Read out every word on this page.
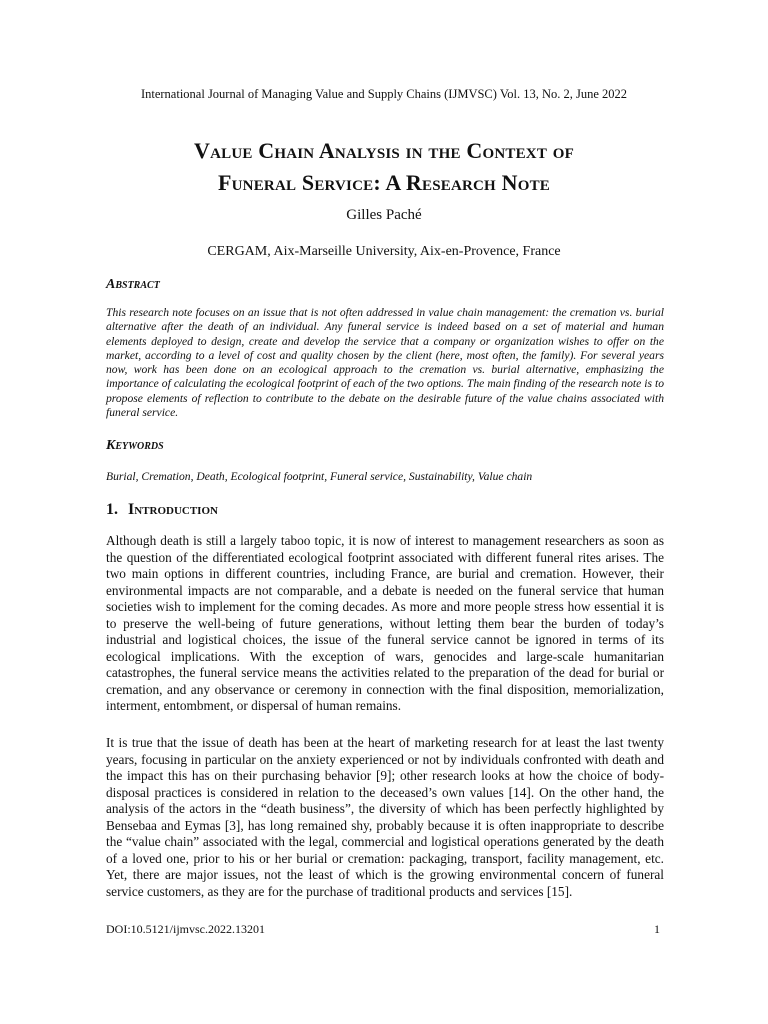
International Journal of Managing Value and Supply Chains (IJMVSC) Vol. 13, No. 2, June 2022
Value Chain Analysis in the Context of
Funeral Service: A Research Note
Gilles Paché
CERGAM, Aix-Marseille University, Aix-en-Provence, France
Abstract

This research note focuses on an issue that is not often addressed in value chain management: the cremation vs. burial alternative after the death of an individual. Any funeral service is indeed based on a set of material and human elements deployed to design, create and develop the service that a company or organization wishes to offer on the market, according to a level of cost and quality chosen by the client (here, most often, the family). For several years now, work has been done on an ecological approach to the cremation vs. burial alternative, emphasizing the importance of calculating the ecological footprint of each of the two options. The main finding of the research note is to propose elements of reflection to contribute to the debate on the desirable future of the value chains associated with funeral service.

Keywords

Burial, Cremation, Death, Ecological footprint, Funeral service, Sustainability, Value chain

1. Introduction

Although death is still a largely taboo topic, it is now of interest to management researchers as soon as the question of the differentiated ecological footprint associated with different funeral rites arises. The two main options in different countries, including France, are burial and cremation. However, their environmental impacts are not comparable, and a debate is needed on the funeral service that human societies wish to implement for the coming decades. As more and more people stress how essential it is to preserve the well-being of future generations, without letting them bear the burden of today’s industrial and logistical choices, the issue of the funeral service cannot be ignored in terms of its ecological implications. With the exception of wars, genocides and large-scale humanitarian catastrophes, the funeral service means the activities related to the preparation of the dead for burial or cremation, and any observance or ceremony in connection with the final disposition, memorialization, interment, entombment, or dispersal of human remains.

It is true that the issue of death has been at the heart of marketing research for at least the last twenty years, focusing in particular on the anxiety experienced or not by individuals confronted with death and the impact this has on their purchasing behavior [9]; other research looks at how the choice of body-disposal practices is considered in relation to the deceased’s own values [14]. On the other hand, the analysis of the actors in the “death business”, the diversity of which has been perfectly highlighted by Bensebaa and Eymas [3], has long remained shy, probably because it is often inappropriate to describe the “value chain” associated with the legal, commercial and logistical operations generated by the death of a loved one, prior to his or her burial or cremation: packaging, transport, facility management, etc. Yet, there are major issues, not the least of which is the growing environmental concern of funeral service customers, as they are for the purchase of traditional products and services [15].

DOI:10.5121/ijmvsc.2022.13201	1
